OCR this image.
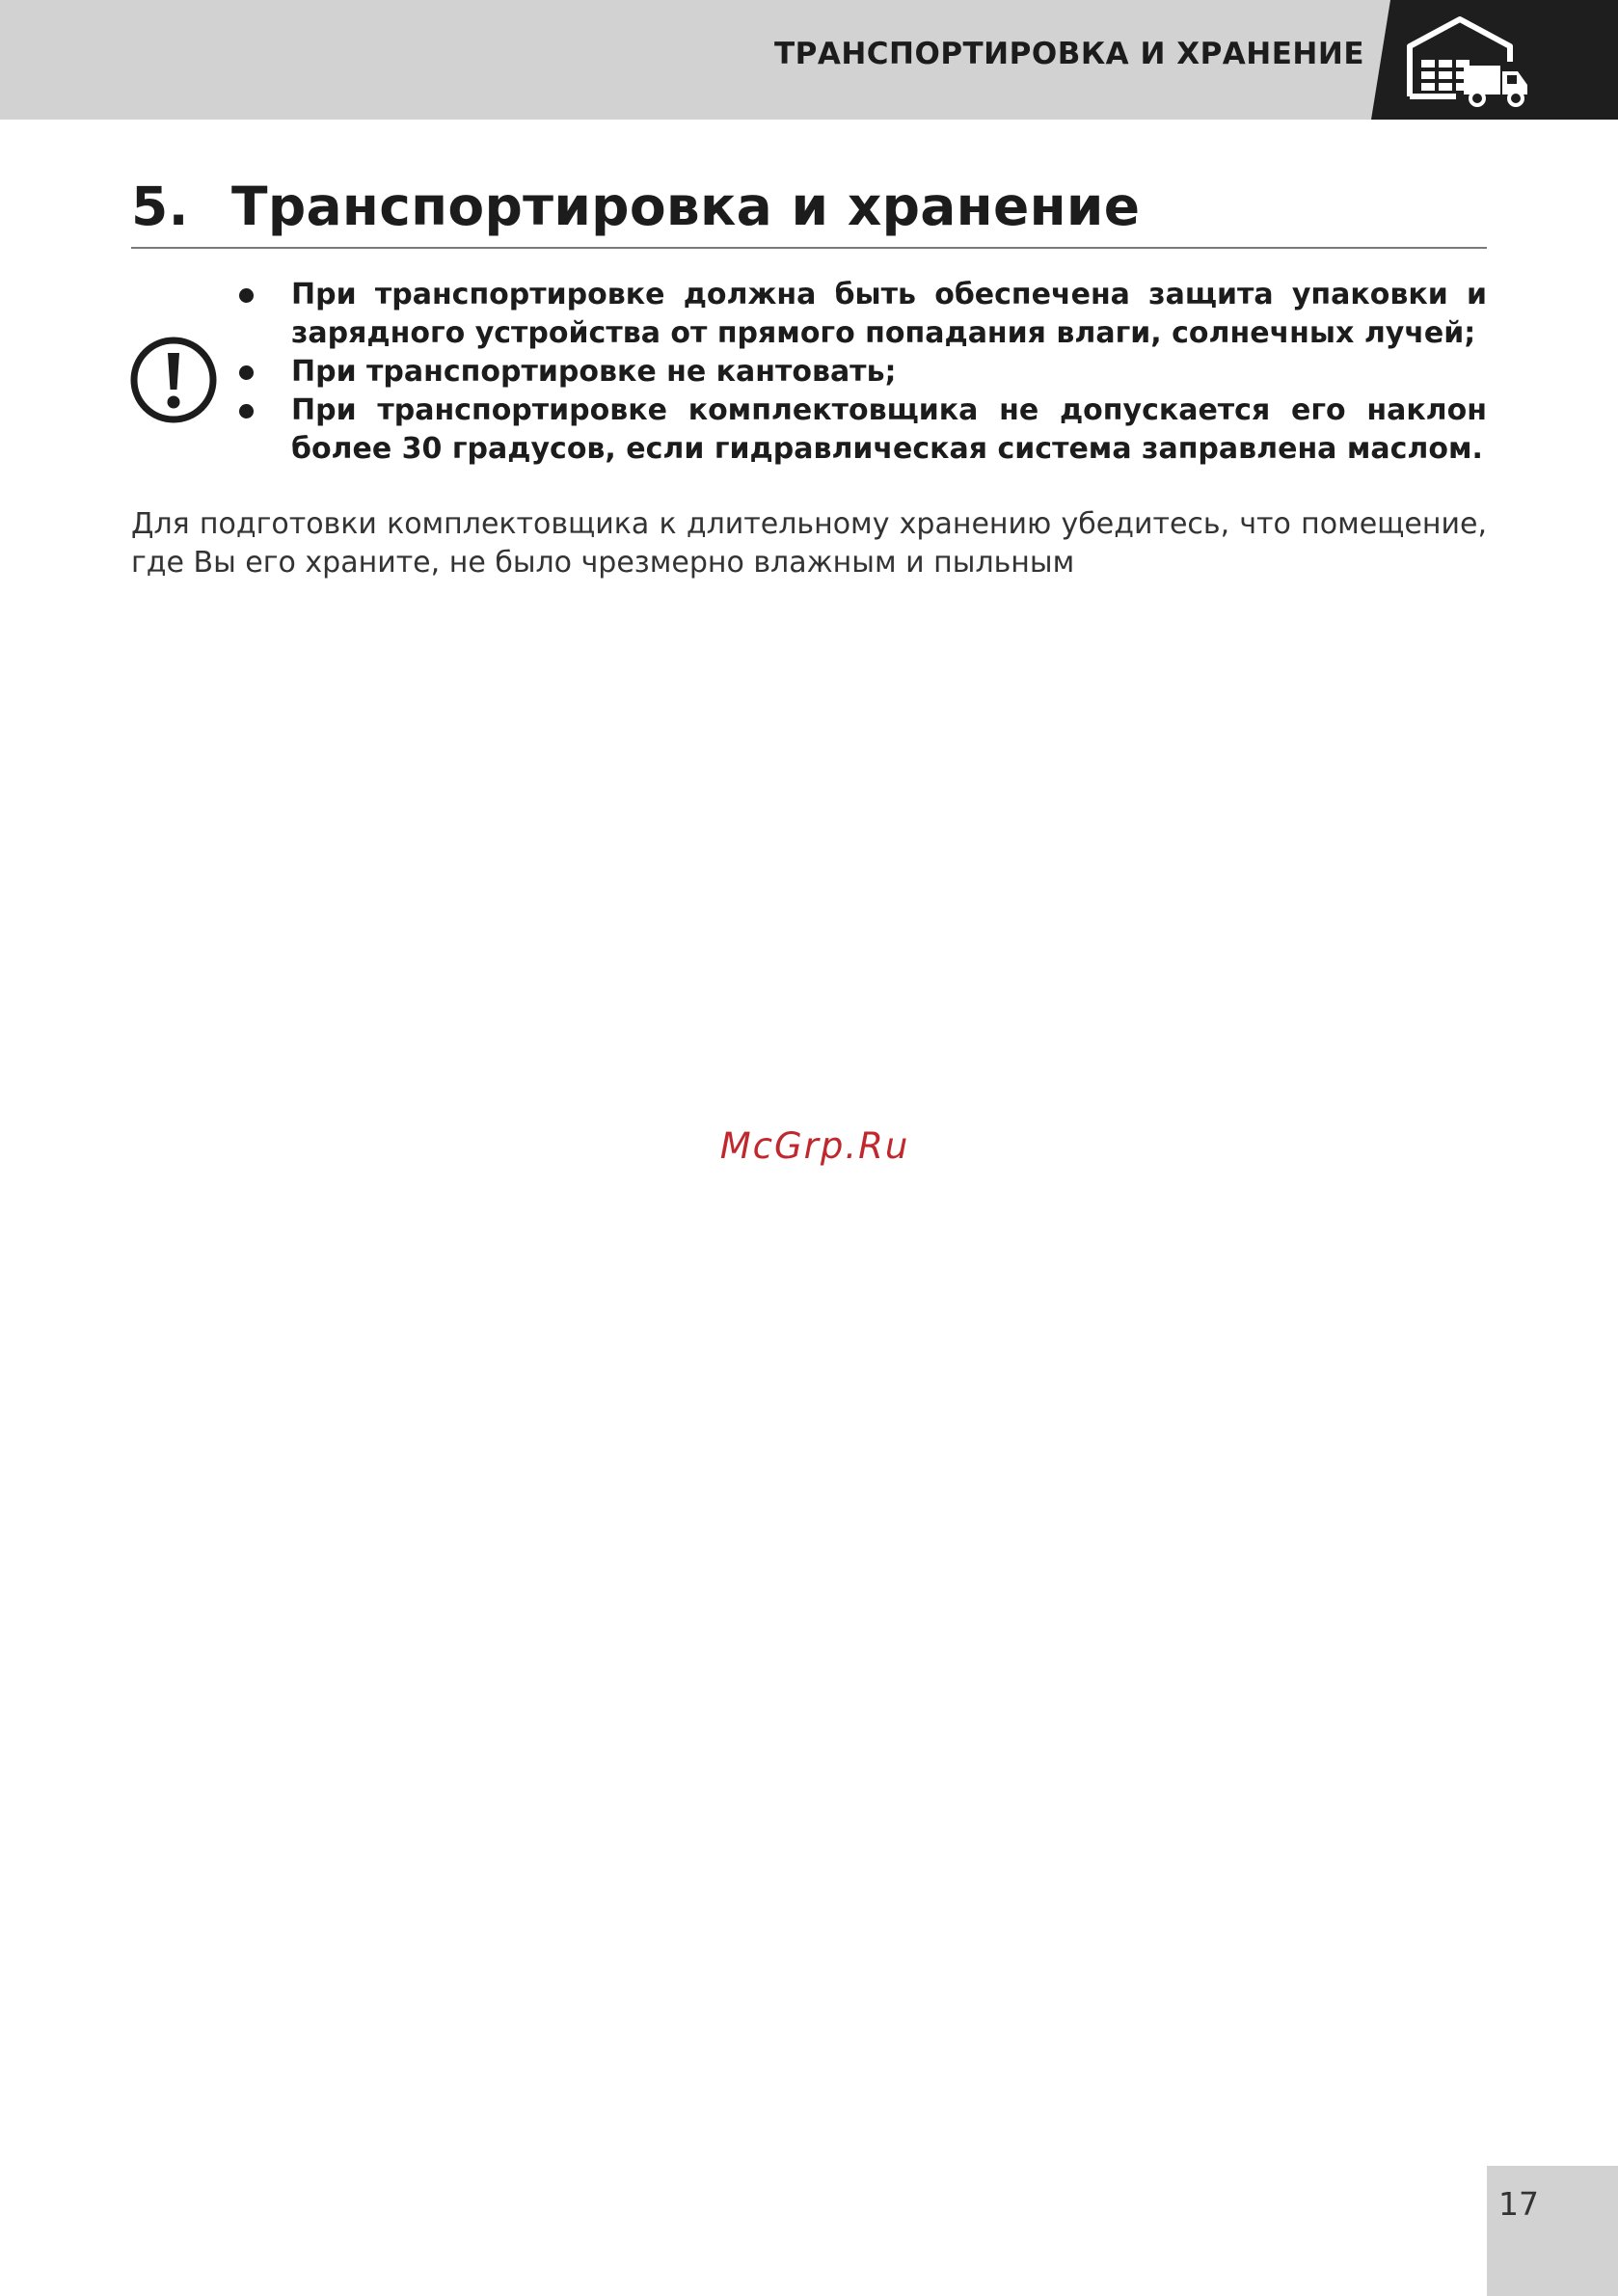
ТРАНСПОРТИРОВКА И ХРАНЕНИЕ
5. Транспортировка и хранение
При транспортировке должна быть обеспечена защита упаковки и зарядного устройства от прямого попадания влаги, солнечных лучей;
При транспортировке не кантовать;
При транспортировке комплектовщика не допускается его наклон более 30 градусов, если гидравлическая система заправлена маслом.

Для подготовки комплектовщика к длительному хранению убедитесь, что помещение, где Вы его храните, не было чрезмерно влажным и пыльным

McGrp.Ru
17
